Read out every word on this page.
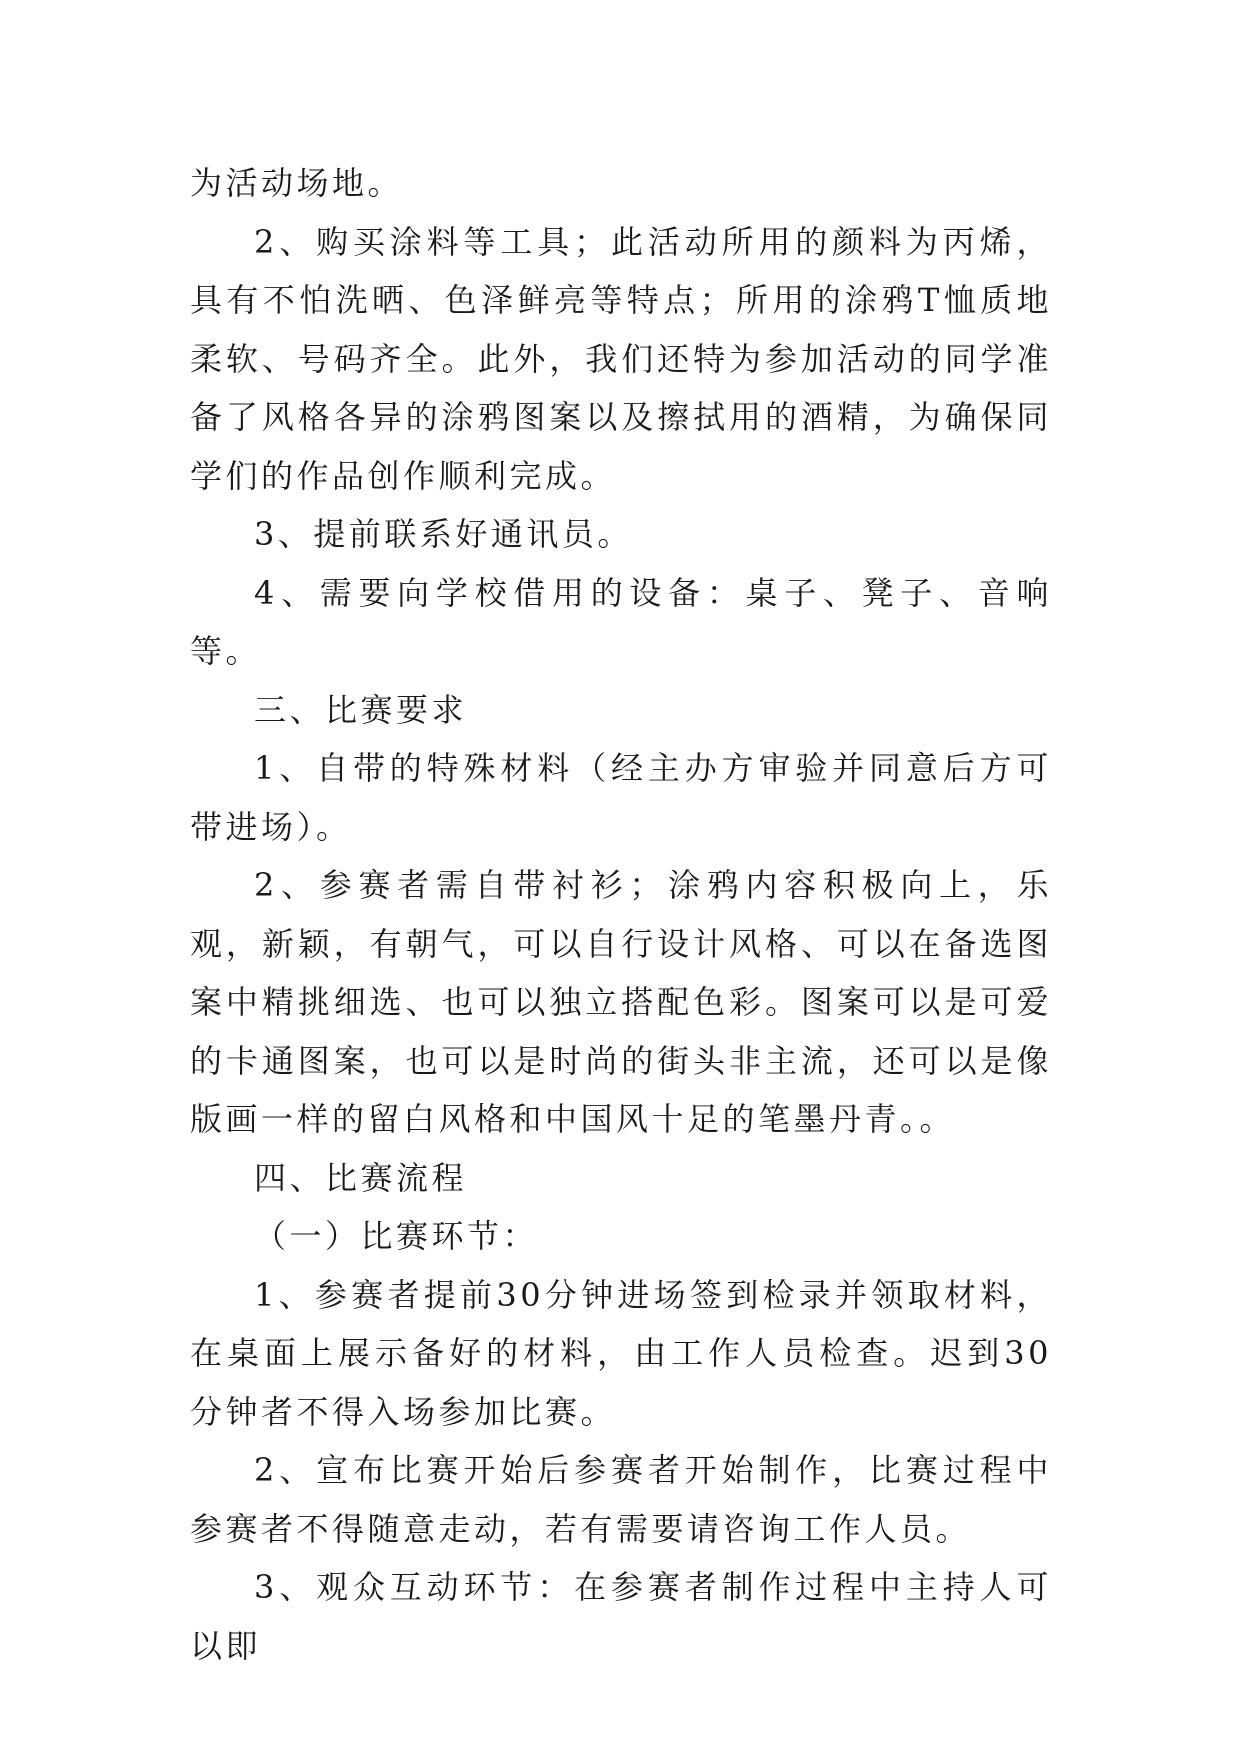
为活动场地。

2、购买涂料等工具；此活动所用的颜料为丙烯，具有不怕洗晒、色泽鲜亮等特点；所用的涂鸦T恤质地柔软、号码齐全。此外，我们还特为参加活动的同学准备了风格各异的涂鸦图案以及擦拭用的酒精，为确保同学们的作品创作顺利完成。

3、提前联系好通讯员。

4、需要向学校借用的设备：桌子、凳子、音响等。

三、比赛要求

1、自带的特殊材料（经主办方审验并同意后方可带进场）。

2、参赛者需自带衬衫；涂鸦内容积极向上，乐观，新颖，有朝气，可以自行设计风格、可以在备选图案中精挑细选、也可以独立搭配色彩。图案可以是可爱的卡通图案，也可以是时尚的街头非主流，还可以是像版画一样的留白风格和中国风十足的笔墨丹青。。

四、比赛流程

（一）比赛环节：

1、参赛者提前30分钟进场签到检录并领取材料，在桌面上展示备好的材料，由工作人员检查。迟到30分钟者不得入场参加比赛。

2、宣布比赛开始后参赛者开始制作，比赛过程中参赛者不得随意走动，若有需要请咨询工作人员。

3、观众互动环节：在参赛者制作过程中主持人可以即
